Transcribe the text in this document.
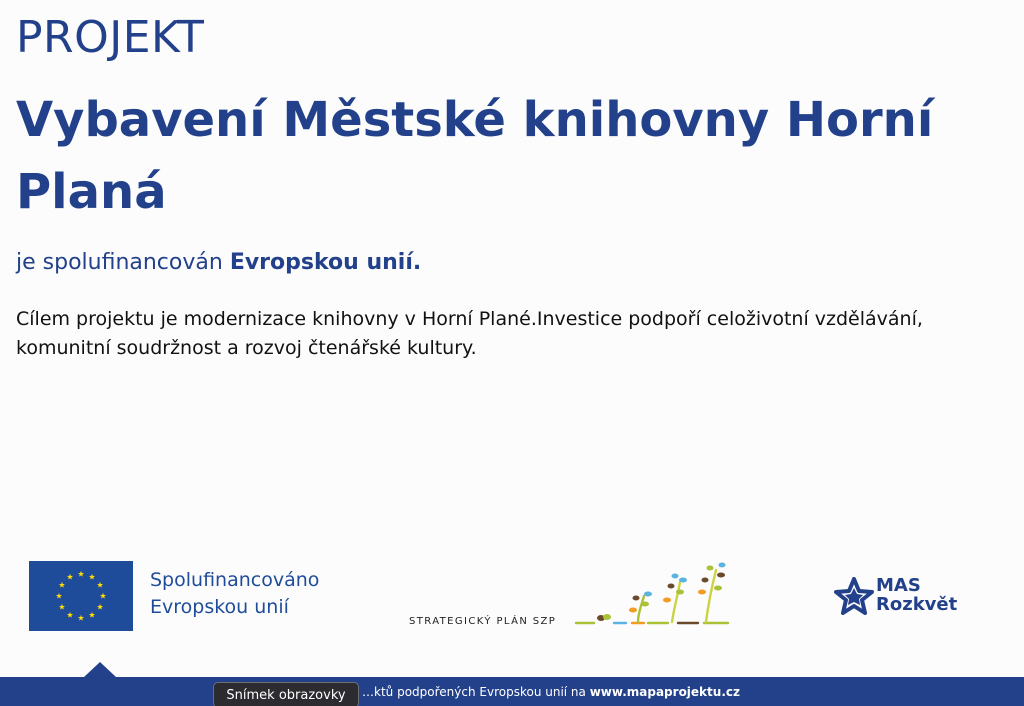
PROJEKT
Vybavení Městské knihovny Horní Planá

je spolufinancován Evropskou unií.

Cílem projektu je modernizace knihovny v Horní Plané.Investice podpoří celoživotní vzdělávání, komunitní soudržnost a rozvoj čtenářské kultury.

Spolufinancováno
Evropskou unií
STRATEGICKÝ PLÁN SZP
MAS
Rozkvět
…ktů podpořených Evropskou unií na www.mapaprojektu.cz
Snímek obrazovky
